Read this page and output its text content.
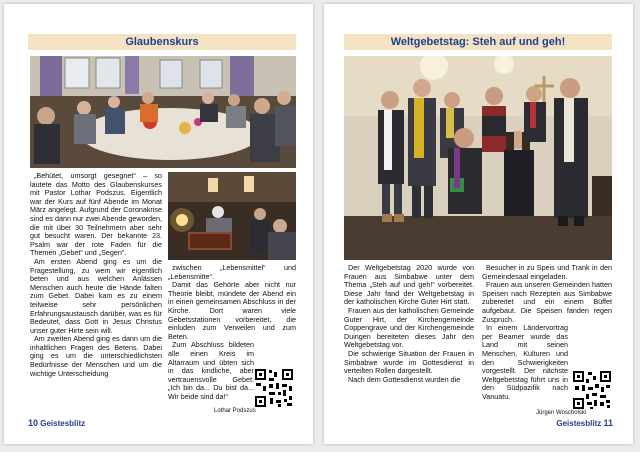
Glaubenskurs

„Behütet, umsorgt gesegnet“ – so lautete das Motto des Glaubenskurses mit Pastor Lothar Podszus. Eigentlich war der Kurs auf fünf Abende im Monat März angelegt. Aufgrund der Coronakrise sind es dann nur zwei Abende geworden, die mit über 30 Teilnehmern aber sehr gut besucht waren. Der bekannte 23. Psalm war der rote Faden für die Themen „Gebet“ und „Segen“.

Am ersten Abend ging es um die Fragestellung, zu wem wir eigentlich beten und aus welchen Anlässen Menschen auch heute die Hände falten zum Gebet. Dabei kam es zu einem teilweise sehr persönlichen Erfahrungsaustausch darüber, was es für Bedeutet, dass Gott in Jesus Christus unser guter Hirte sein will.

Am zweiten Abend ging es dann um die inhaltlichen Fragen des Betens. Dabei ging es um die unterschiedlichsten Bedürfnisse der Menschen und um die wichtige Unterscheidung

zwischen „Lebensmittel“ und „Lebensmitte“.

Damit das Gehörte aber nicht nur Theorie bleibt, mündete der Abend ein in einen gemeinsamen Abschluss in der Kirche. Dort waren viele Gebetsstationen vorbereitet, die einluden zum Verweilen und zum Beten.

Zum Abschluss bildeten alle einen Kreis im Altarraum und übten sich in das kindliche, aber vertrauensvolle Gebet: „Ich bin da... Du bist da... Wir beide sind da!“

Lothar Podszus
10 Geistesblitz
Weltgebetstag: Steh auf und geh!

Der Weltgebetstag 2020 wurde von Frauen aus Simbabwe unter dem Thema „Steh auf und geh!“ vorbereitet. Diese Jahr fand der Weltgebetstag in der katholischen Kirche Guter Hirt statt.

Frauen aus der katholischen Gemeinde Guter Hirt, der Kirchengemeinde Coppengrave und der Kirchengemeinde Duingen bereiteten dieses Jahr den Weltgebetstag vor.

Die schwierige Situation der Frauen in Simbabwe wurde im Gottesdienst in verteilten Rollen dargestellt.

Nach dem Gottesdienst wurden die

Besucher in zu Speis und Trank in den Gemeindesaal eingeladen.

Frauen aus unseren Gemeinden hatten Speisen nach Rezepten aus Simbabwe zubereitet und ein einem Büffet aufgebaut. Die Speisen fanden regen Zuspruch.

In einem Ländervortrag per Beamer wurde das Land mit seinen Menschen, Kulturen und den Schwierigkeiten vorgestellt. Der nächste Weltgebetstag führt uns in den Südpazifik nach Vanuatu.

Jürgen Woscholski
Geistesblitz 11
